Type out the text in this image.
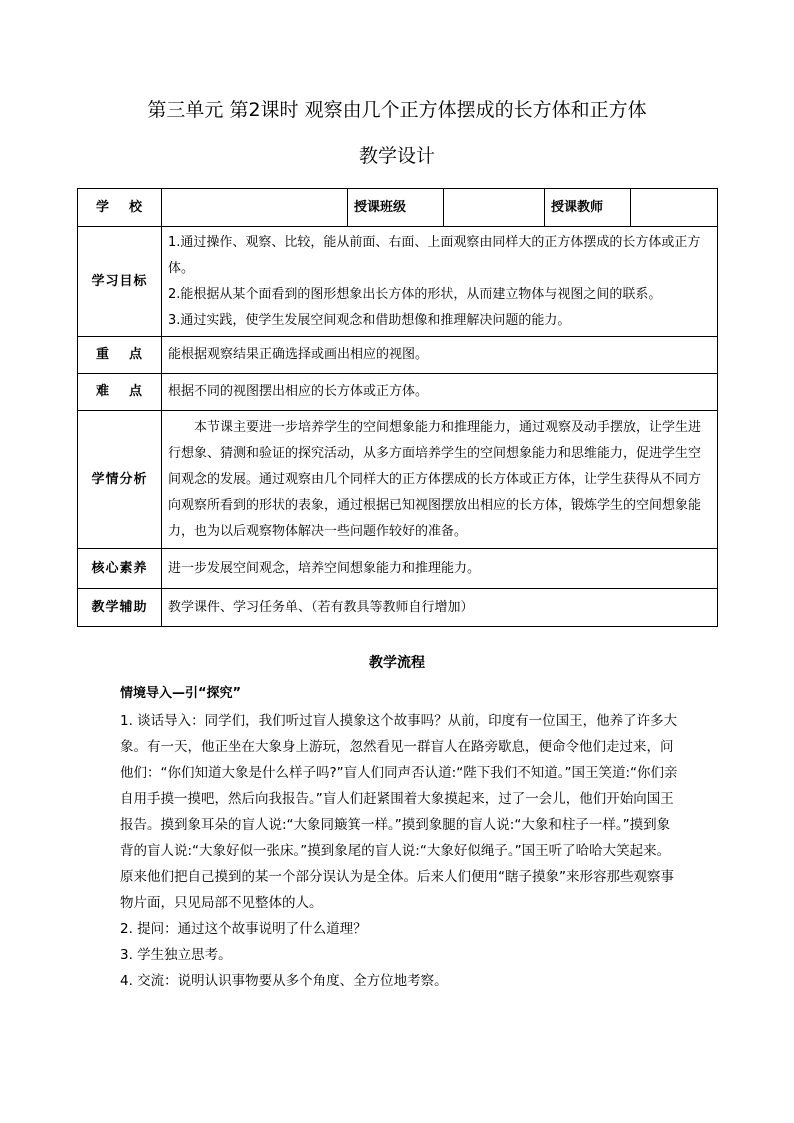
第三单元 第2课时 观察由几个正方体摆成的长方体和正方体
教学设计
学 校		授课班级		授课教师	
学习目标	1.通过操作、观察、比较，能从前面、右面、上面观察由同样大的正方体摆成的长方体或正方体。

2.能根据从某个面看到的图形想象出长方体的形状，从而建立物体与视图之间的联系。

3.通过实践，使学生发展空间观念和借助想像和推理解决问题的能力。				

重 点	能根据观察结果正确选择或画出相应的视图。				
难 点	根据不同的视图摆出相应的长方体或正方体。				
学情分析	本节课主要进一步培养学生的空间想象能力和推理能力，通过观察及动手摆放，让学生进行想象、猜测和验证的探究活动，从多方面培养学生的空间想象能力和思维能力，促进学生空间观念的发展。通过观察由几个同样大的正方体摆成的长方体或正方体，让学生获得从不同方向观察所看到的形状的表象，通过根据已知视图摆放出相应的长方体，锻炼学生的空间想象能力，也为以后观察物体解决一些问题作较好的准备。				

核心素养	进一步发展空间观念，培养空间想象能力和推理能力。				
教学辅助	教学课件、学习任务单、（若有教具等教师自行增加）				
教学流程
情境导入—引“探究”

1. 谈话导入：同学们，我们听过盲人摸象这个故事吗？从前，印度有一位国王，他养了许多大象。有一天，他正坐在大象身上游玩，忽然看见一群盲人在路旁歇息，便命令他们走过来，问他们：“你们知道大象是什么样子吗?”盲人们同声否认道:“陛下我们不知道。”国王笑道:“你们亲自用手摸一摸吧，然后向我报告。”盲人们赶紧围着大象摸起来，过了一会儿，他们开始向国王报告。摸到象耳朵的盲人说:“大象同簸箕一样。”摸到象腿的盲人说:“大象和柱子一样。”摸到象背的盲人说:“大象好似一张床。”摸到象尾的盲人说:“大象好似绳子。”国王听了哈哈大笑起来。原来他们把自己摸到的某一个部分误认为是全体。后来人们便用“瞎子摸象”来形容那些观察事物片面，只见局部不见整体的人。

2. 提问：通过这个故事说明了什么道理？

3. 学生独立思考。

4. 交流：说明认识事物要从多个角度、全方位地考察。
